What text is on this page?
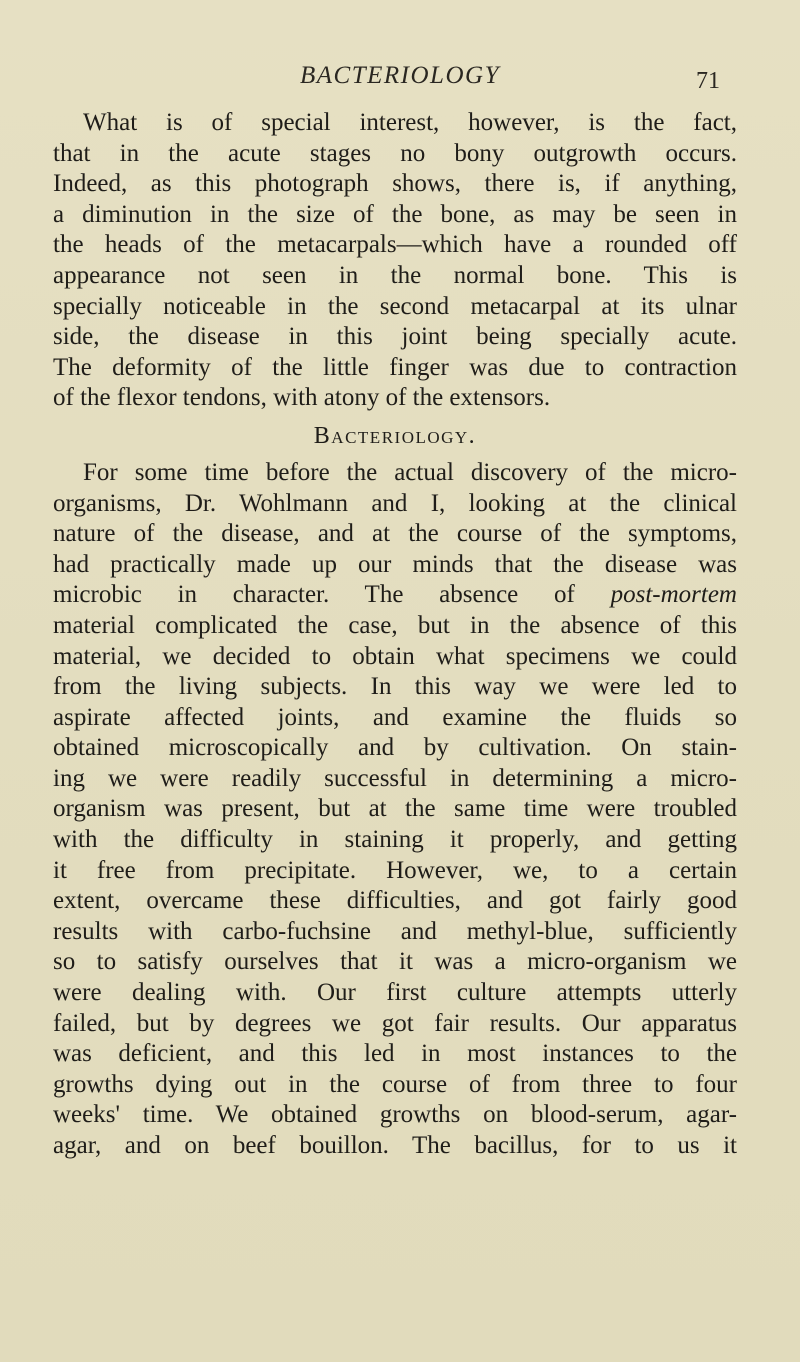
BACTERIOLOGY	71
What is of special interest, however, is the fact,
that in the acute stages no bony outgrowth occurs.
Indeed, as this photograph shows, there is, if anything,
a diminution in the size of the bone, as may be seen in
the heads of the metacarpals—which have a rounded off
appearance not seen in the normal bone. This is
specially noticeable in the second metacarpal at its ulnar
side, the disease in this joint being specially acute.
The deformity of the little finger was due to contraction
of the flexor tendons, with atony of the extensors.
Bacteriology.
For some time before the actual discovery of the micro-
organisms, Dr. Wohlmann and I, looking at the clinical
nature of the disease, and at the course of the symptoms,
had practically made up our minds that the disease was
microbic in character. The absence of post-mortem
material complicated the case, but in the absence of this
material, we decided to obtain what specimens we could
from the living subjects. In this way we were led to
aspirate affected joints, and examine the fluids so
obtained microscopically and by cultivation. On stain-
ing we were readily successful in determining a micro-
organism was present, but at the same time were troubled
with the difficulty in staining it properly, and getting
it free from precipitate. However, we, to a certain
extent, overcame these difficulties, and got fairly good
results with carbo-fuchsine and methyl-blue, sufficiently
so to satisfy ourselves that it was a micro-organism we
were dealing with. Our first culture attempts utterly
failed, but by degrees we got fair results. Our apparatus
was deficient, and this led in most instances to the
growths dying out in the course of from three to four
weeks' time. We obtained growths on blood-serum, agar-
agar, and on beef bouillon. The bacillus, for to us it
